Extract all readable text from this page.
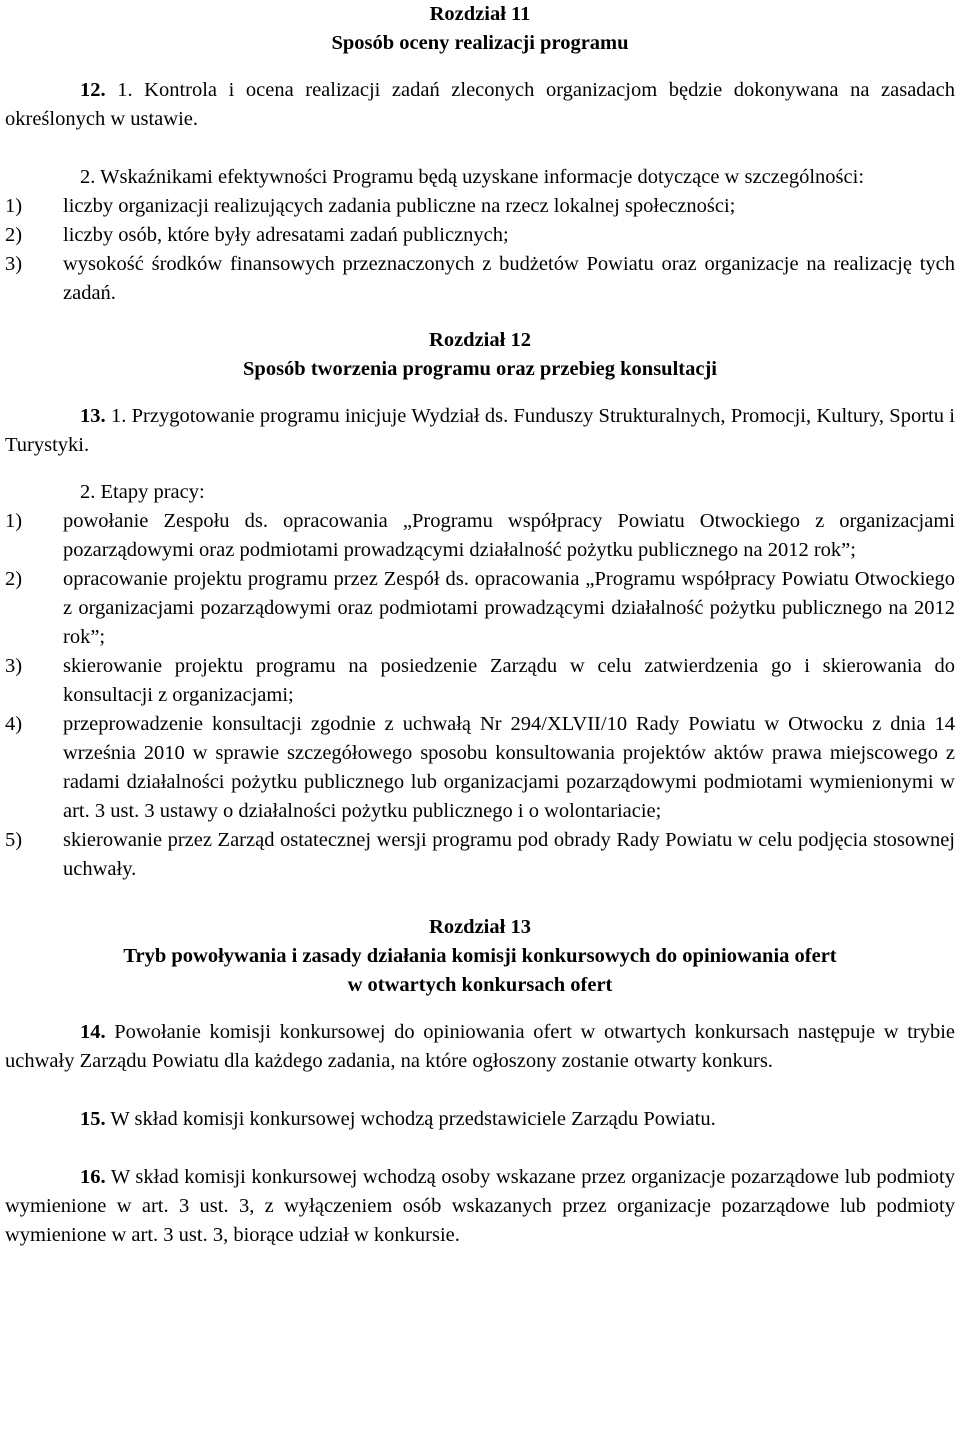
Rozdział 11
Sposób oceny realizacji programu

12. 1. Kontrola i ocena realizacji zadań zleconych organizacjom będzie dokonywana na zasadach określonych w ustawie.

2. Wskaźnikami efektywności Programu będą uzyskane informacje dotyczące w szczególności:

1)	liczby organizacji realizujących zadania publiczne na rzecz lokalnej społeczności;
2)	liczby osób, które były adresatami zadań publicznych;
3)	wysokość środków finansowych przeznaczonych z budżetów Powiatu oraz organizacje na realizację tych zadań.
Rozdział 12
Sposób tworzenia programu oraz przebieg konsultacji

13. 1. Przygotowanie programu inicjuje Wydział ds. Funduszy Strukturalnych, Promocji, Kultury, Sportu i Turystyki.

2. Etapy pracy:

1)	powołanie Zespołu ds. opracowania „Programu współpracy Powiatu Otwockiego z organizacjami pozarządowymi oraz podmiotami prowadzącymi działalność pożytku publicznego na 2012 rok”;
2)	opracowanie projektu programu przez Zespół ds. opracowania „Programu współpracy Powiatu Otwockiego z organizacjami pozarządowymi oraz podmiotami prowadzącymi działalność pożytku publicznego na 2012 rok”;
3)	skierowanie projektu programu na posiedzenie Zarządu w celu zatwierdzenia go i skierowania do konsultacji z organizacjami;
4)	przeprowadzenie konsultacji zgodnie z uchwałą Nr 294/XLVII/10 Rady Powiatu w Otwocku z dnia 14 września 2010 w sprawie szczegółowego sposobu konsultowania projektów aktów prawa miejscowego z radami działalności pożytku publicznego lub organizacjami pozarządowymi podmiotami wymienionymi w art. 3 ust. 3 ustawy o działalności pożytku publicznego i o wolontariacie;
5)	skierowanie przez Zarząd ostatecznej wersji programu pod obrady Rady Powiatu w celu podjęcia stosownej uchwały.
Rozdział 13
Tryb powoływania i zasady działania komisji konkursowych do opiniowania ofert
w otwartych konkursach ofert

14. Powołanie komisji konkursowej do opiniowania ofert w otwartych konkursach następuje w trybie uchwały Zarządu Powiatu dla każdego zadania, na które ogłoszony zostanie otwarty konkurs.

15. W skład komisji konkursowej wchodzą przedstawiciele Zarządu Powiatu.

16. W skład komisji konkursowej wchodzą osoby wskazane przez organizacje pozarządowe lub podmioty wymienione w art. 3 ust. 3, z wyłączeniem osób wskazanych przez organizacje pozarządowe lub podmioty wymienione w art. 3 ust. 3, biorące udział w konkursie.
